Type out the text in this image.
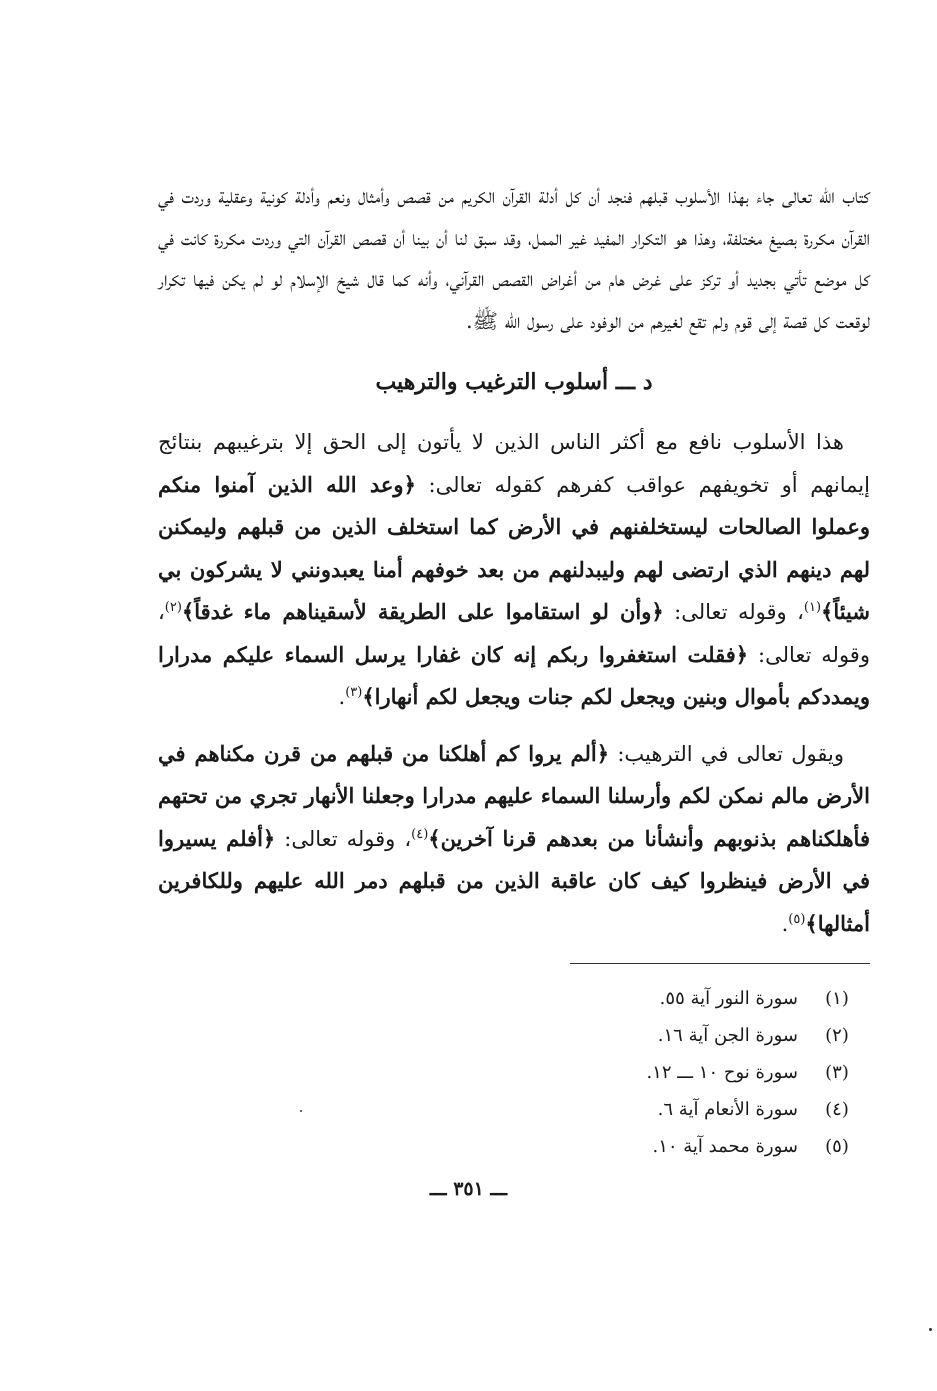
كتاب الله تعالى جاء بهذا الأسلوب قبلهم فنجد أن كل أدلة القرآن الكريم من قصص وأمثال ونعم وأدلة كونية وعقلية وردت في القرآن مكررة بصيغ مختلفة، وهذا هو التكرار المفيد غير الممل، وقد سبق لنا أن بينا أن قصص القرآن التي وردت مكررة كانت في كل موضع تأتي بجديد أو تركز على غرض هام من أغراض القصص القرآني، وأنه كما قال شيخ الإسلام لو لم يكن فيها تكرار لوقعت كل قصة إلى قوم ولم تقع لغيرهم من الوفود على رسول الله ﷺ.

د ـــ أسلوب الترغيب والترهيب

هذا الأسلوب نافع مع أكثر الناس الذين لا يأتون إلى الحق إلا بترغيبهم بنتائج إيمانهم أو تخويفهم عواقب كفرهم كقوله تعالى: ﴿وعد الله الذين آمنوا منكم وعملوا الصالحات ليستخلفنهم في الأرض كما استخلف الذين من قبلهم وليمكنن لهم دينهم الذي ارتضى لهم وليبدلنهم من بعد خوفهم أمنا يعبدونني لا يشركون بي شيئاً﴾$^{(١)}$، وقوله تعالى: ﴿وأن لو استقاموا على الطريقة لأسقيناهم ماء غدقاً﴾$^{(٢)}$، وقوله تعالى: ﴿فقلت استغفروا ربكم إنه كان غفارا يرسل السماء عليكم مدرارا ويمددكم بأموال وبنين ويجعل لكم جنات ويجعل لكم أنهارا﴾$^{(٣)}$.

ويقول تعالى في الترهيب: ﴿ألم يروا كم أهلكنا من قبلهم من قرن مكناهم في الأرض مالم نمكن لكم وأرسلنا السماء عليهم مدرارا وجعلنا الأنهار تجري من تحتهم فأهلكناهم بذنوبهم وأنشأنا من بعدهم قرنا آخرين﴾$^{(٤)}$، وقوله تعالى: ﴿أفلم يسيروا في الأرض فينظروا كيف كان عاقبة الذين من قبلهم دمر الله عليهم وللكافرين أمثالها﴾$^{(٥)}$.

(١)
سورة النور آية ٥٥.
(٢)
سورة الجن آية ١٦.
(٣)
سورة نوح ١٠ ـــ ١٢.
(٤)
سورة الأنعام آية ٦.
(٥)
سورة محمد آية ١٠.
ـــ ٣٥١ ـــ
